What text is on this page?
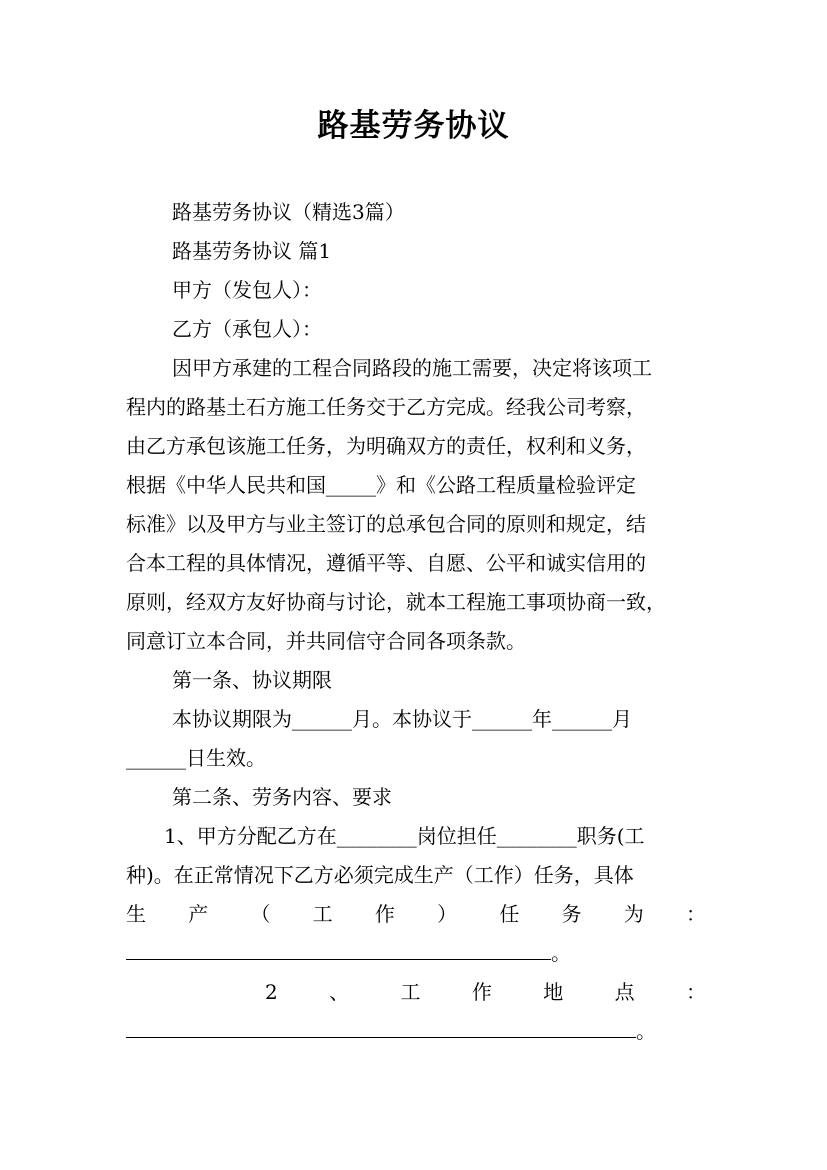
路基劳务协议
路基劳务协议（精选3篇）
路基劳务协议 篇1
甲方（发包人）：
乙方（承包人）：
因甲方承建的工程合同路段的施工需要，决定将该项工
程内的路基土石方施工任务交于乙方完成。经我公司考察，
由乙方承包该施工任务，为明确双方的责任，权利和义务，
根据《中华人民共和国_____》和《公路工程质量检验评定
标准》以及甲方与业主签订的总承包合同的原则和规定，结
合本工程的具体情况，遵循平等、自愿、公平和诚实信用的
原则，经双方友好协商与讨论，就本工程施工事项协商一致，
同意订立本合同，并共同信守合同各项条款。
第一条、协议期限
本协议期限为______月。本协议于______年______月
______日生效。
第二条、劳务内容、要求
1、甲方分配乙方在________岗位担任________职务(工
种)。在正常情况下乙方必须完成生产（工作）任务，具体
生 产 （ 工 作 ） 任 务 为 ：
。
2	、	工	作	地	点	：
。
